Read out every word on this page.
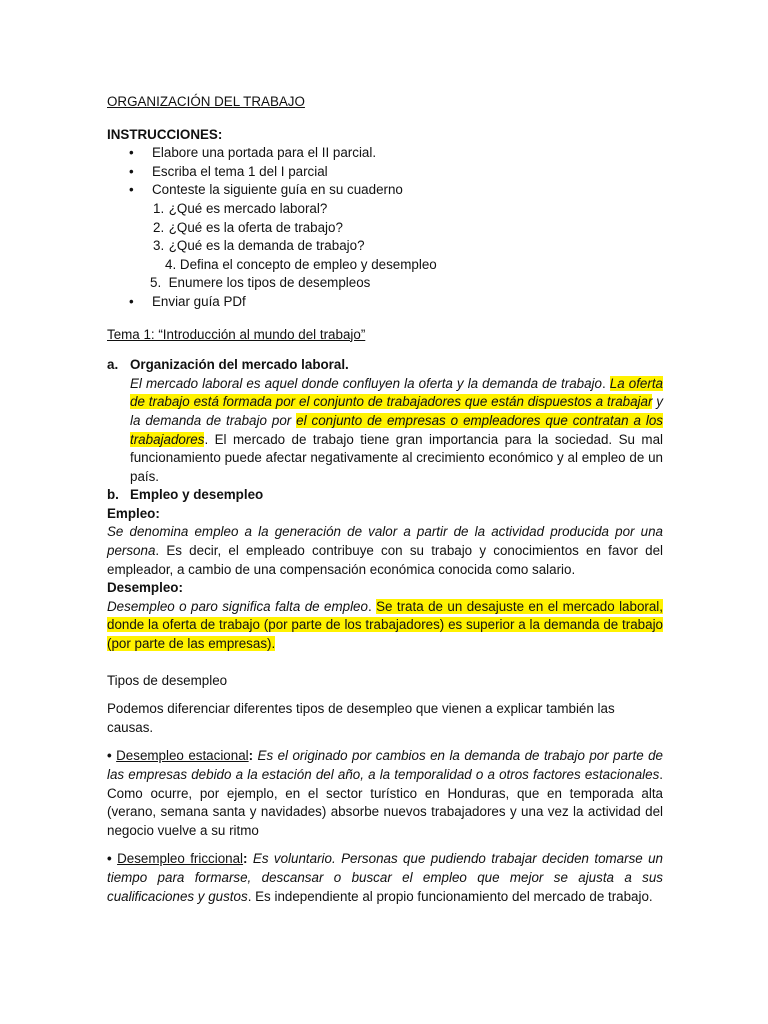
ORGANIZACIÓN DEL TRABAJO

INSTRUCCIONES:
• Elabore una portada para el II parcial.
• Escriba el tema 1 del I parcial
• Conteste la siguiente guía en su cuaderno
1. ¿Qué es mercado laboral?
2. ¿Qué es la oferta de trabajo?
3. ¿Qué es la demanda de trabajo?
4. Defina el concepto de empleo y desempleo
5. Enumere los tipos de desempleos
• Enviar guía PDf
Tema 1: “Introducción al mundo del trabajo”
a. Organización del mercado laboral.

El mercado laboral es aquel donde confluyen la oferta y la demanda de trabajo. La oferta de trabajo está formada por el conjunto de trabajadores que están dispuestos a trabajar y la demanda de trabajo por el conjunto de empresas o empleadores que contratan a los trabajadores. El mercado de trabajo tiene gran importancia para la sociedad. Su mal funcionamiento puede afectar negativamente al crecimiento económico y al empleo de un país.

b. Empleo y desempleo
Empleo:

Se denomina empleo a la generación de valor a partir de la actividad producida por una persona. Es decir, el empleado contribuye con su trabajo y conocimientos en favor del empleador, a cambio de una compensación económica conocida como salario.

Desempleo:

Desempleo o paro significa falta de empleo. Se trata de un desajuste en el mercado laboral, donde la oferta de trabajo (por parte de los trabajadores) es superior a la demanda de trabajo (por parte de las empresas).

Tipos de desempleo
Podemos diferenciar diferentes tipos de desempleo que vienen a explicar también las causas.

• Desempleo estacional: Es el originado por cambios en la demanda de trabajo por parte de las empresas debido a la estación del año, a la temporalidad o a otros factores estacionales. Como ocurre, por ejemplo, en el sector turístico en Honduras, que en temporada alta (verano, semana santa y navidades) absorbe nuevos trabajadores y una vez la actividad del negocio vuelve a su ritmo

• Desempleo friccional: Es voluntario. Personas que pudiendo trabajar deciden tomarse un tiempo para formarse, descansar o buscar el empleo que mejor se ajusta a sus cualificaciones y gustos. Es independiente al propio funcionamiento del mercado de trabajo.
